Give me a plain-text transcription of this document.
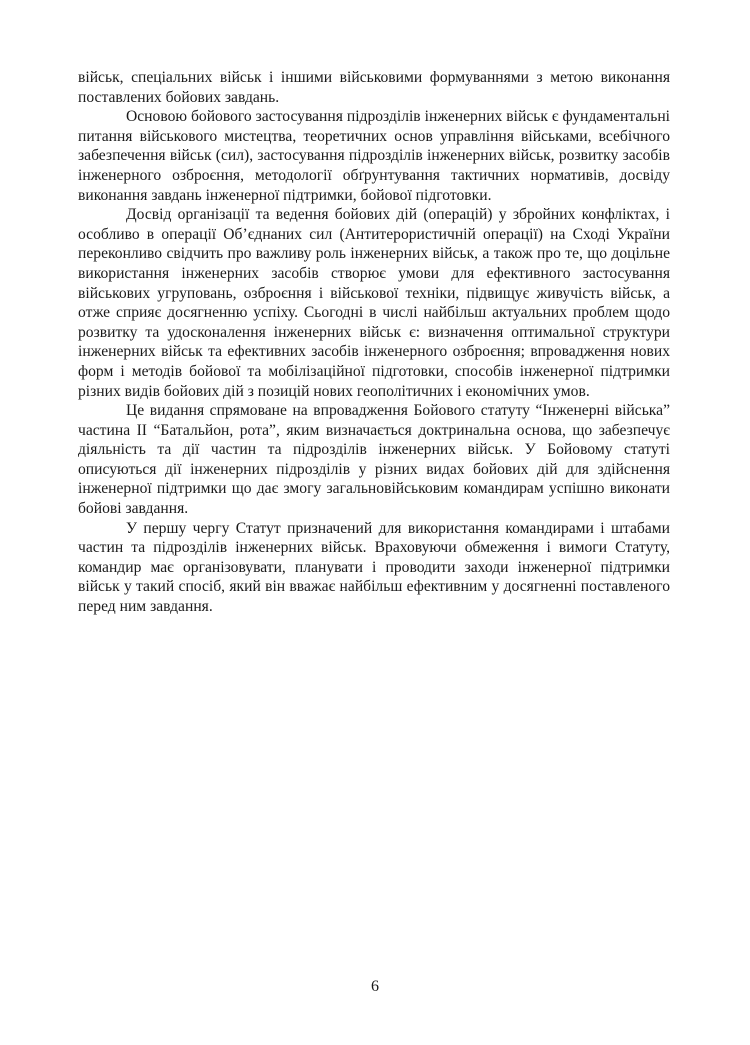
військ, спеціальних військ і іншими військовими формуваннями з метою виконання поставлених бойових завдань.

Основою бойового застосування підрозділів інженерних військ є фундаментальні питання військового мистецтва, теоретичних основ управління військами, всебічного забезпечення військ (сил), застосування підрозділів інженерних військ, розвитку засобів інженерного озброєння, методології обґрунтування тактичних нормативів, досвіду виконання завдань інженерної підтримки, бойової підготовки.

Досвід організації та ведення бойових дій (операцій) у збройних конфліктах, і особливо в операції Об’єднаних сил (Антитерористичній операції) на Сході України переконливо свідчить про важливу роль інженерних військ, а також про те, що доцільне використання інженерних засобів створює умови для ефективного застосування військових угруповань, озброєння і військової техніки, підвищує живучість військ, а отже сприяє досягненню успіху. Сьогодні в числі найбільш актуальних проблем щодо розвитку та удосконалення інженерних військ є: визначення оптимальної структури інженерних військ та ефективних засобів інженерного озброєння; впровадження нових форм і методів бойової та мобілізаційної підготовки, способів інженерної підтримки різних видів бойових дій з позицій нових геополітичних і економічних умов.

Це видання спрямоване на впровадження Бойового статуту “Інженерні війська” частина ІІ “Батальйон, рота”, яким визначається доктринальна основа, що забезпечує діяльність та дії частин та підрозділів інженерних військ. У Бойовому статуті описуються дії інженерних підрозділів у різних видах бойових дій для здійснення інженерної підтримки що дає змогу загальновійськовим командирам успішно виконати бойові завдання.

У першу чергу Статут призначений для використання командирами і штабами частин та підрозділів інженерних військ. Враховуючи обмеження і вимоги Статуту, командир має організовувати, планувати і проводити заходи інженерної підтримки військ у такий спосіб, який він вважає найбільш ефективним у досягненні поставленого перед ним завдання.

6
